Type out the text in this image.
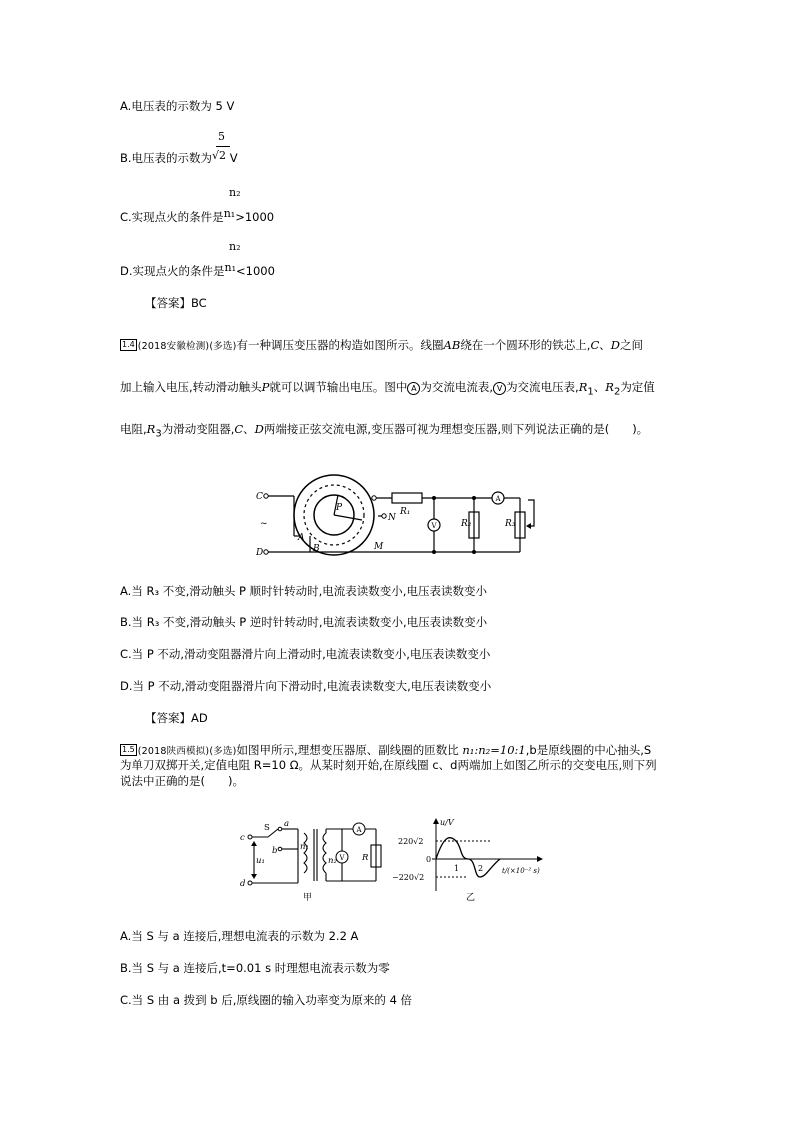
A.电压表的示数为 5 V
5
B.电压表的示数为√2 V
n₂
C.实现点火的条件是n₁>1000
n₂
D.实现点火的条件是n₁<1000
【答案】BC
1.4 (2018安徽检测)(多选)有一种调压变压器的构造如图所示。线圈AB绕在一个圆环形的铁芯上,C、D之间
加上输入电压,转动滑动触头P就可以调节输出电压。图中 A 为交流电流表, V 为交流电压表$,R_1$、$R_2$为定值
电阻$,R_3$为滑动变阻器,C、D两端接正弦交流电源,变压器可视为理想变压器,则下列说法正确的是(　　)。
C
D
~
A
B
P
N
M
R₁
R₂	R₃
V
A
A.当 R₃ 不变,滑动触头 P 顺时针转动时,电流表读数变小,电压表读数变小
B.当 R₃ 不变,滑动触头 P 逆时针转动时,电流表读数变小,电压表读数变小
C.当 P 不动,滑动变阻器滑片向上滑动时,电流表读数变小,电压表读数变小
D.当 P 不动,滑动变阻器滑片向下滑动时,电流表读数变大,电压表读数变小
【答案】AD
1.5 (2018陕西模拟)(多选)如图甲所示,理想变压器原、副线圈的匝数比 n₁:n₂=10:1,b是原线圈的中心抽头,S
为单刀双掷开关,定值电阻 R=10 Ω。从某时刻开始,在原线圈 c、d两端加上如图乙所示的交变电压,则下列
说法中正确的是(　　)。
c
d
S a
b
u₁
n₁
n₂	R
V
A
甲
u/V
220√2
0
−220√2
1 2	t/(×10⁻² s)
乙
A.当 S 与 a 连接后,理想电流表的示数为 2.2 A
B.当 S 与 a 连接后,t=0.01 s 时理想电流表示数为零
C.当 S 由 a 拨到 b 后,原线圈的输入功率变为原来的 4 倍
